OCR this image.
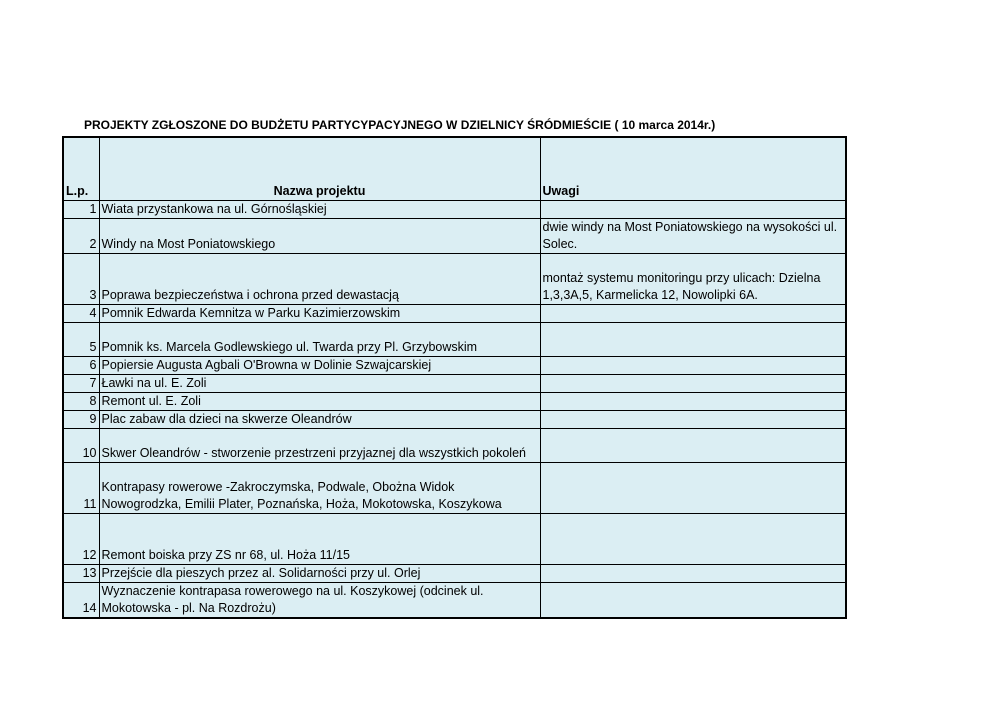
PROJEKTY ZGŁOSZONE DO BUDŻETU PARTYCYPACYJNEGO W DZIELNICY ŚRÓDMIEŚCIE ( 10 marca 2014r.)
L.p.	Nazwa projektu	Uwagi
1	Wiata przystankowa na ul. Górnośląskiej	
2	Windy na Most Poniatowskiego	dwie windy na Most Poniatowskiego na wysokości ul. Solec.
3	Poprawa bezpieczeństwa i ochrona przed dewastacją	montaż systemu monitoringu przy ulicach: Dzielna 1,3,3A,5, Karmelicka 12, Nowolipki 6A.
4	Pomnik Edwarda Kemnitza w Parku Kazimierzowskim	
5	Pomnik ks. Marcela Godlewskiego ul. Twarda przy Pl. Grzybowskim	
6	Popiersie Augusta Agbali O'Browna w Dolinie Szwajcarskiej	
7	Ławki na ul. E. Zoli	
8	Remont ul. E. Zoli	
9	Plac zabaw dla dzieci na skwerze Oleandrów	
10	Skwer Oleandrów - stworzenie przestrzeni przyjaznej dla wszystkich pokoleń	
11	Kontrapasy rowerowe -Zakroczymska, Podwale, Obożna Widok Nowogrodzka, Emilii Plater, Poznańska, Hoża, Mokotowska, Koszykowa	
12	Remont boiska przy ZS nr 68, ul. Hoża 11/15	
13	Przejście dla pieszych przez al. Solidarności przy ul. Orlej	
14	Wyznaczenie kontrapasa rowerowego na ul. Koszykowej (odcinek ul. Mokotowska - pl. Na Rozdrożu)	
